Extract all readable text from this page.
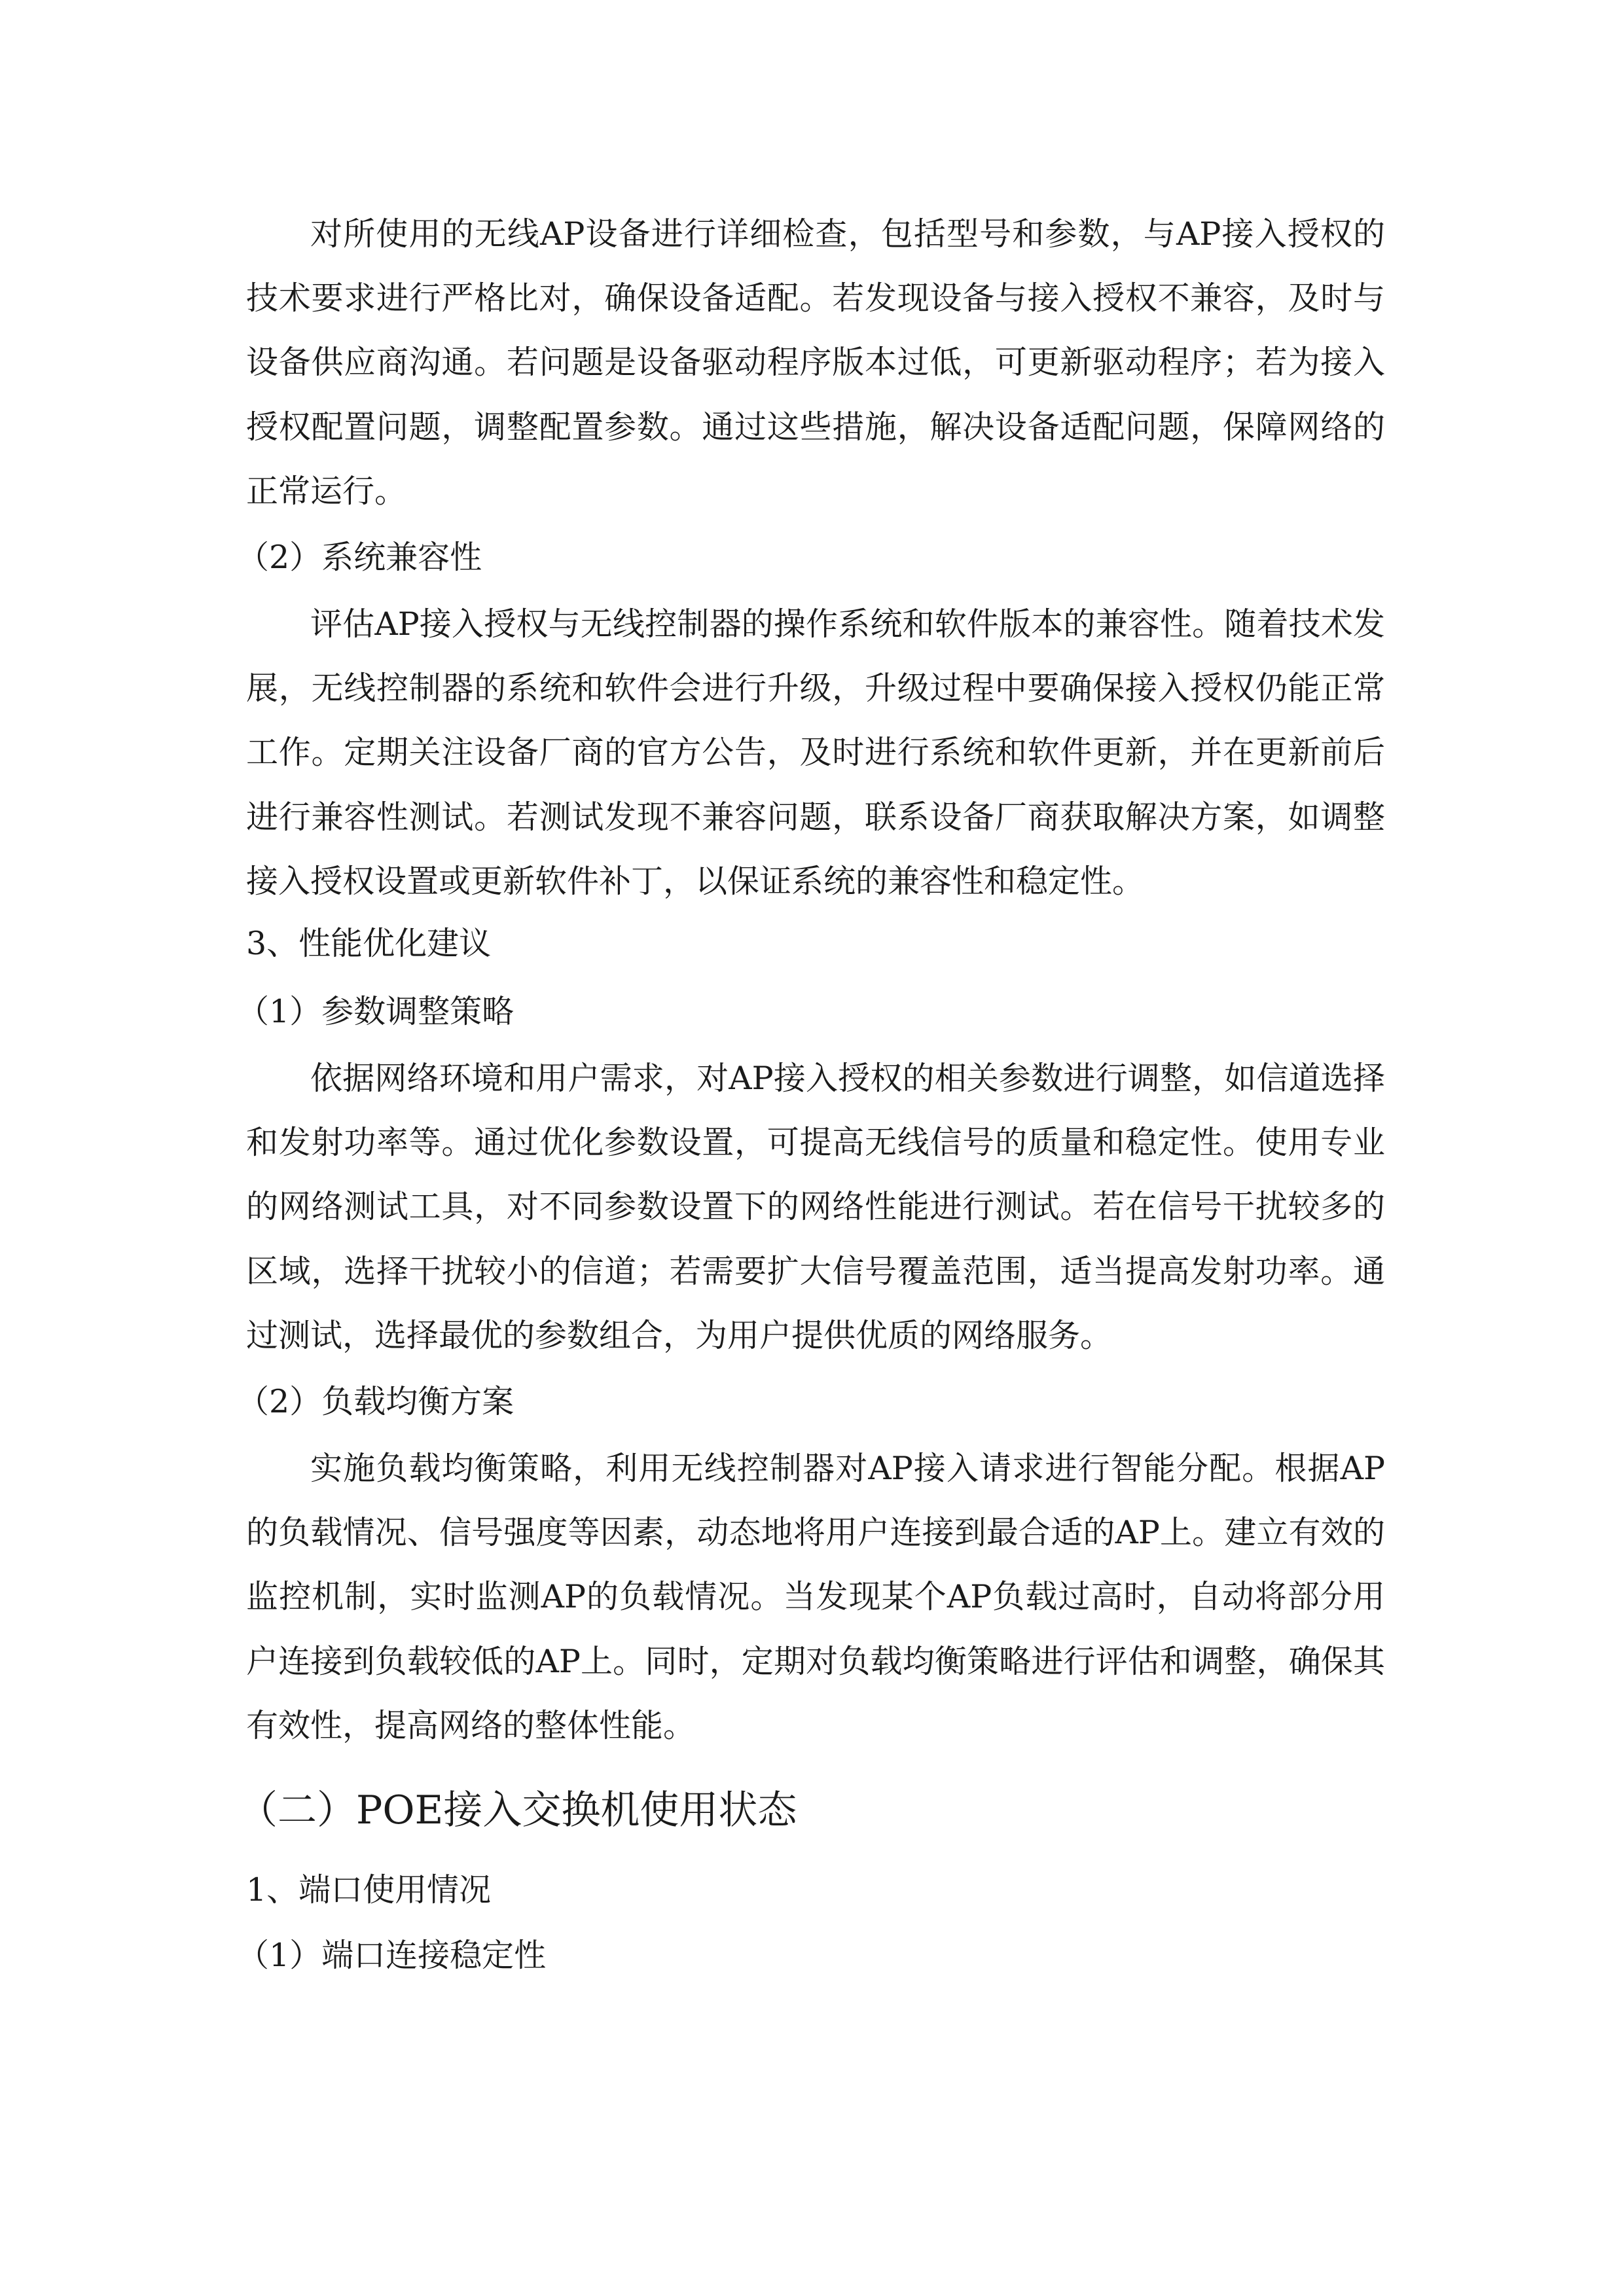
对所使用的无线AP设备进行详细检查，包括型号和参数，与AP接入授权的技术要求进行严格比对，确保设备适配。若发现设备与接入授权不兼容，及时与设备供应商沟通。若问题是设备驱动程序版本过低，可更新驱动程序；若为接入授权配置问题，调整配置参数。通过这些措施，解决设备适配问题，保障网络的正常运行。

（2）系统兼容性

评估AP接入授权与无线控制器的操作系统和软件版本的兼容性。随着技术发展，无线控制器的系统和软件会进行升级，升级过程中要确保接入授权仍能正常工作。定期关注设备厂商的官方公告，及时进行系统和软件更新，并在更新前后进行兼容性测试。若测试发现不兼容问题，联系设备厂商获取解决方案，如调整接入授权设置或更新软件补丁，以保证系统的兼容性和稳定性。

3、性能优化建议
（1）参数调整策略

依据网络环境和用户需求，对AP接入授权的相关参数进行调整，如信道选择和发射功率等。通过优化参数设置，可提高无线信号的质量和稳定性。使用专业的网络测试工具，对不同参数设置下的网络性能进行测试。若在信号干扰较多的区域，选择干扰较小的信道；若需要扩大信号覆盖范围，适当提高发射功率。通过测试，选择最优的参数组合，为用户提供优质的网络服务。

（2）负载均衡方案

实施负载均衡策略，利用无线控制器对AP接入请求进行智能分配。根据AP的负载情况、信号强度等因素，动态地将用户连接到最合适的AP上。建立有效的监控机制，实时监测AP的负载情况。当发现某个AP负载过高时，自动将部分用户连接到负载较低的AP上。同时，定期对负载均衡策略进行评估和调整，确保其有效性，提高网络的整体性能。

（二）POE接入交换机使用状态
1、端口使用情况
（1）端口连接稳定性
